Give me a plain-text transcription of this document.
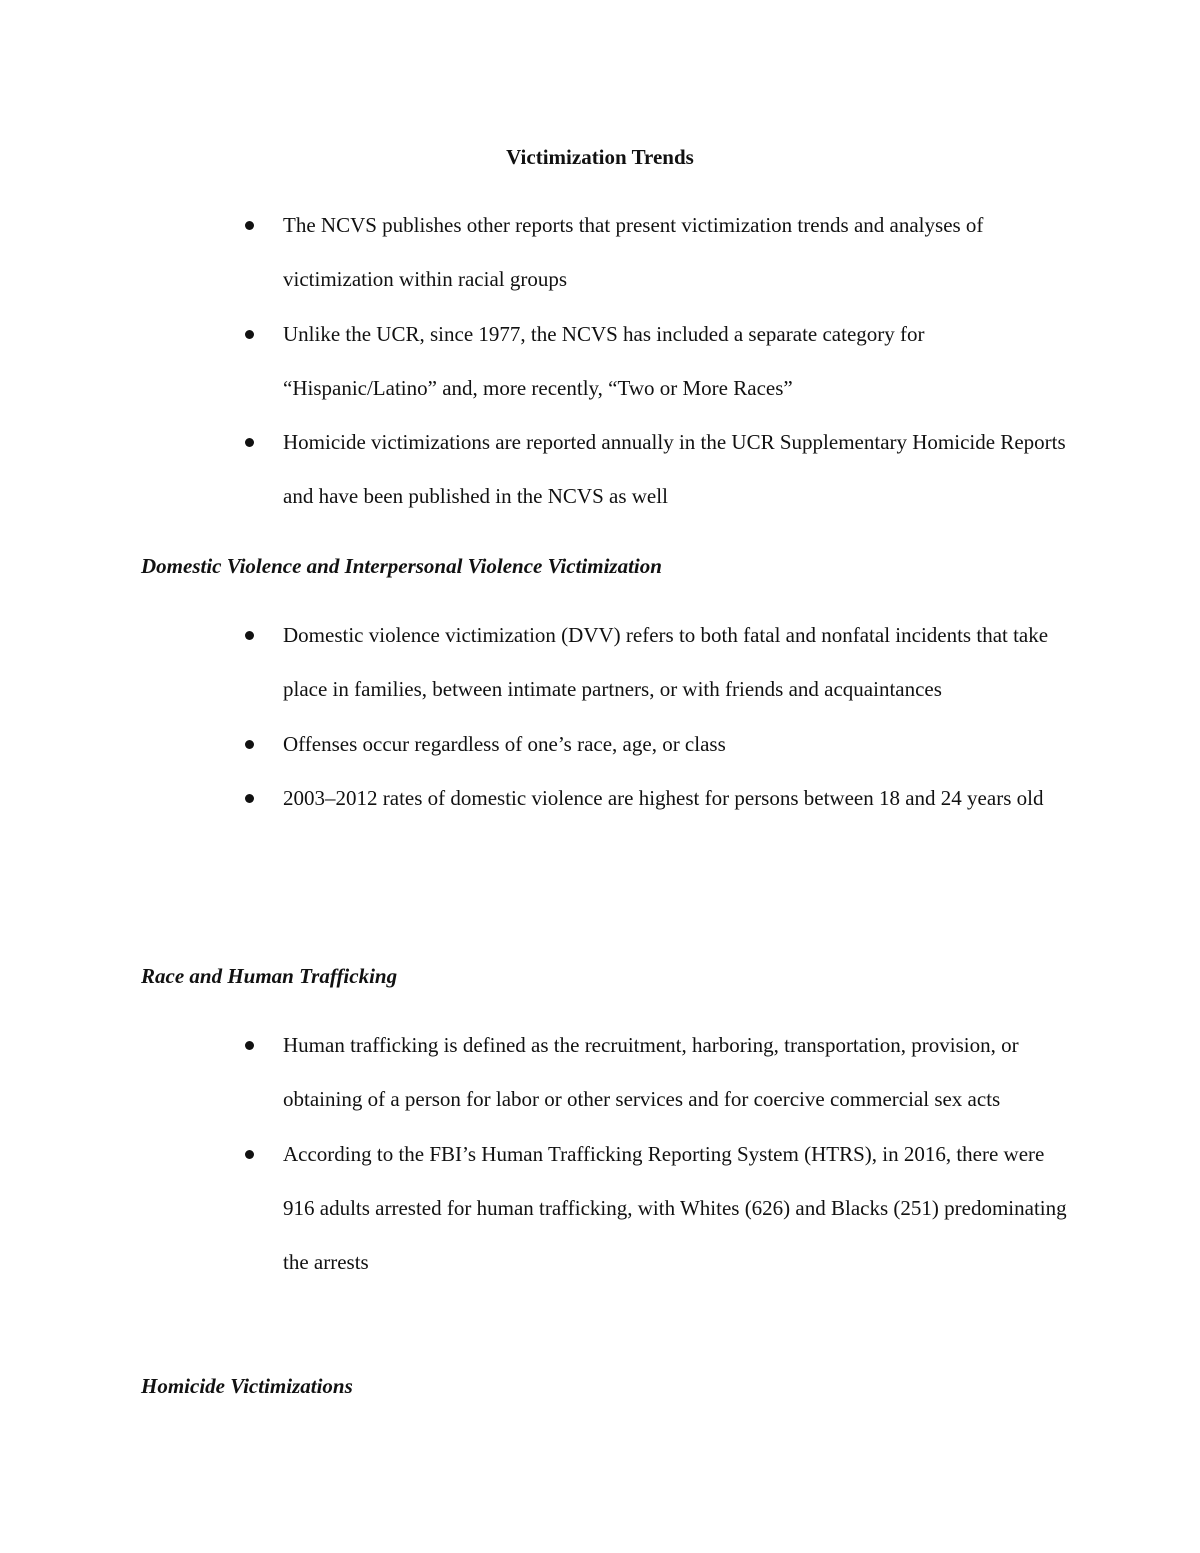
Victimization Trends
The NCVS publishes other reports that present victimization trends and analyses of victimization within racial groups
Unlike the UCR, since 1977, the NCVS has included a separate category for “Hispanic/Latino” and, more recently, “Two or More Races”
Homicide victimizations are reported annually in the UCR Supplementary Homicide Reports and have been published in the NCVS as well
Domestic Violence and Interpersonal Violence Victimization
Domestic violence victimization (DVV) refers to both fatal and nonfatal incidents that take place in families, between intimate partners, or with friends and acquaintances
Offenses occur regardless of one’s race, age, or class
2003–2012 rates of domestic violence are highest for persons between 18 and 24 years old
Race and Human Trafficking
Human trafficking is defined as the recruitment, harboring, transportation, provision, or obtaining of a person for labor or other services and for coercive commercial sex acts
According to the FBI’s Human Trafficking Reporting System (HTRS), in 2016, there were 916 adults arrested for human trafficking, with Whites (626) and Blacks (251) predominating the arrests
Homicide Victimizations
